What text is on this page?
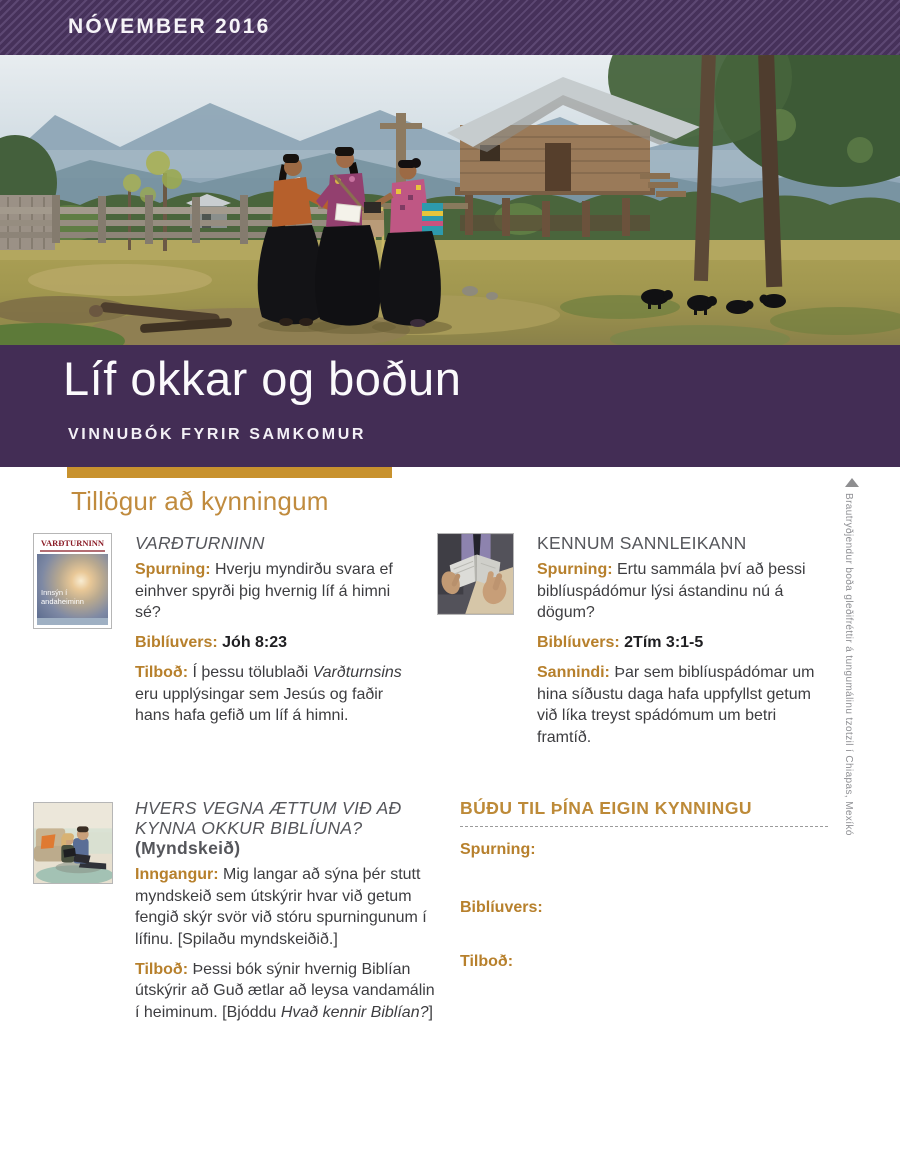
NÓVEMBER 2016
Líf okkar og boðun
VINNUBÓK FYRIR SAMKOMUR
Tillögur að kynningum
VARÐTURNINN
Innsýn í andaheiminn
VARÐTURNINN

Spurning: Hverju myndirðu svara ef einhver spyrði þig hvernig líf á himni sé?

Biblíuvers: Jóh 8:23

Tilboð: Í þessu tölublaði Varðturnsins eru upplýsingar sem Jesús og faðir hans hafa gefið um líf á himni.

KENNUM SANNLEIKANN

Spurning: Ertu sammála því að þessi biblíuspádómur lýsi ástandinu nú á dögum?

Biblíuvers: 2Tím 3:1-5

Sannindi: Þar sem biblíuspádómar um hina síðustu daga hafa uppfyllst getum við líka treyst spádómum um betri framtíð.

HVERS VEGNA ÆTTUM VIÐ AÐ KYNNA OKKUR BIBLÍUNA? (Myndskeið)

Inngangur: Mig langar að sýna þér stutt myndskeið sem útskýrir hvar við getum fengið skýr svör við stóru spurningunum í lífinu. [Spilaðu myndskeiðið.]

Tilboð: Þessi bók sýnir hvernig Biblían útskýrir að Guð ætlar að leysa vandamálin í heiminum. [Bjóddu Hvað kennir Biblían?]

BÚÐU TIL ÞÍNA EIGIN KYNNINGU

Spurning:

Biblíuvers:

Tilboð:

Brautryðjendur boða gleðifréttir á tungumálinu tzotzil í Chiapas, Mexíkó
